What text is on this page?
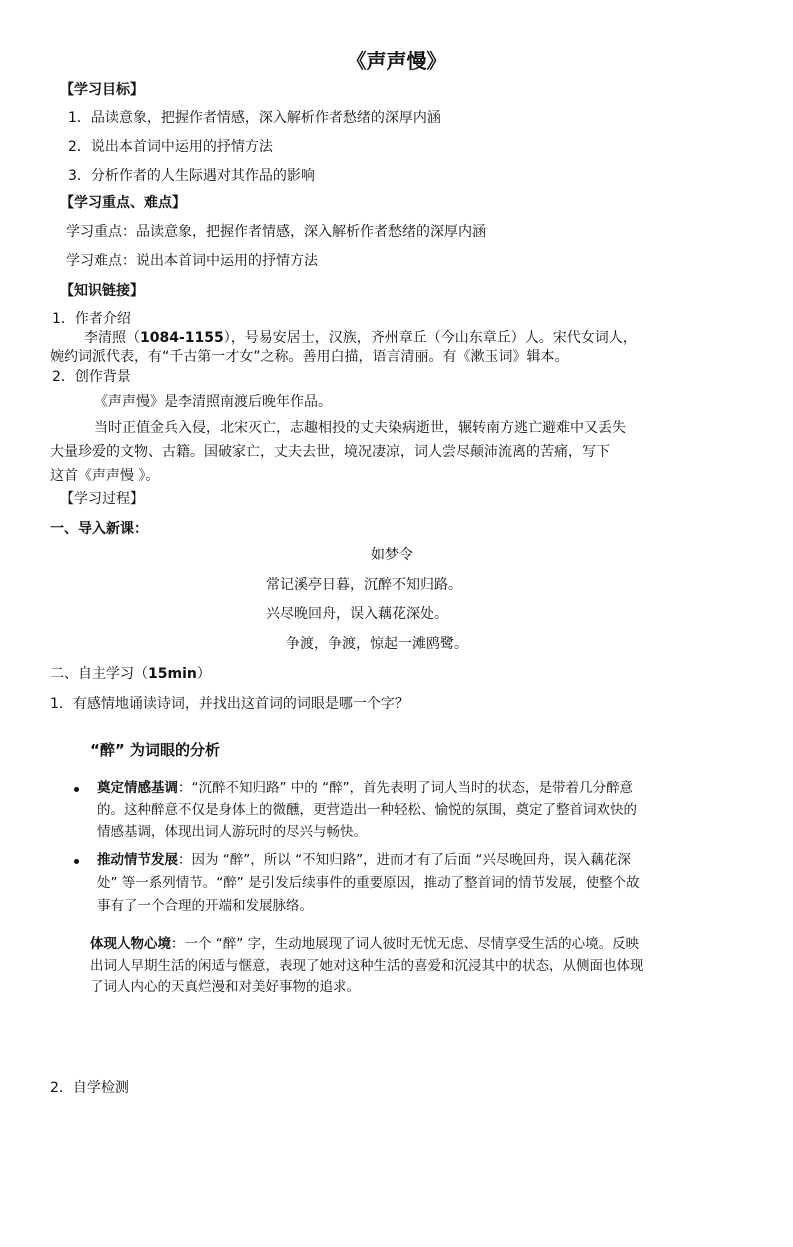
《声声慢》
【学习目标】
1．品读意象，把握作者情感，深入解析作者愁绪的深厚内涵
2．说出本首词中运用的抒情方法
3．分析作者的人生际遇对其作品的影响
【学习重点、难点】
学习重点：品读意象，把握作者情感，深入解析作者愁绪的深厚内涵
学习难点：说出本首词中运用的抒情方法
【知识链接】
1．作者介绍
李清照（1084-1155），号易安居士，汉族，齐州章丘（今山东章丘）人。宋代女词人，
婉约词派代表，有“千古第一才女”之称。善用白描，语言清丽。有《漱玉词》辑本。
2．创作背景
《声声慢》是李清照南渡后晚年作品。
当时正值金兵入侵，北宋灭亡，志趣相投的丈夫染病逝世，辗转南方逃亡避难中又丢失
大量珍爱的文物、古籍。国破家亡，丈夫去世，境况凄凉，词人尝尽颠沛流离的苦痛，写下
这首《声声慢 》。
【学习过程】
一、导入新课：
如梦令
常记溪亭日暮，沉醉不知归路。
兴尽晚回舟，误入藕花深处。
争渡，争渡，惊起一滩鸥鹭。
二、自主学习（15min）
1．有感情地诵读诗词，并找出这首词的词眼是哪一个字？
“醉” 为词眼的分析
奠定情感基调：“沉醉不知归路” 中的 “醉”，首先表明了词人当时的状态，是带着几分醉意
的。这种醉意不仅是身体上的微醺，更营造出一种轻松、愉悦的氛围，奠定了整首词欢快的
情感基调，体现出词人游玩时的尽兴与畅快。
推动情节发展：因为 “醉”，所以 “不知归路”，进而才有了后面 “兴尽晚回舟，误入藕花深
处” 等一系列情节。“醉” 是引发后续事件的重要原因，推动了整首词的情节发展，使整个故
事有了一个合理的开端和发展脉络。
体现人物心境：一个 “醉” 字，生动地展现了词人彼时无忧无虑、尽情享受生活的心境。反映
出词人早期生活的闲适与惬意，表现了她对这种生活的喜爱和沉浸其中的状态，从侧面也体现
了词人内心的天真烂漫和对美好事物的追求。
2．自学检测
